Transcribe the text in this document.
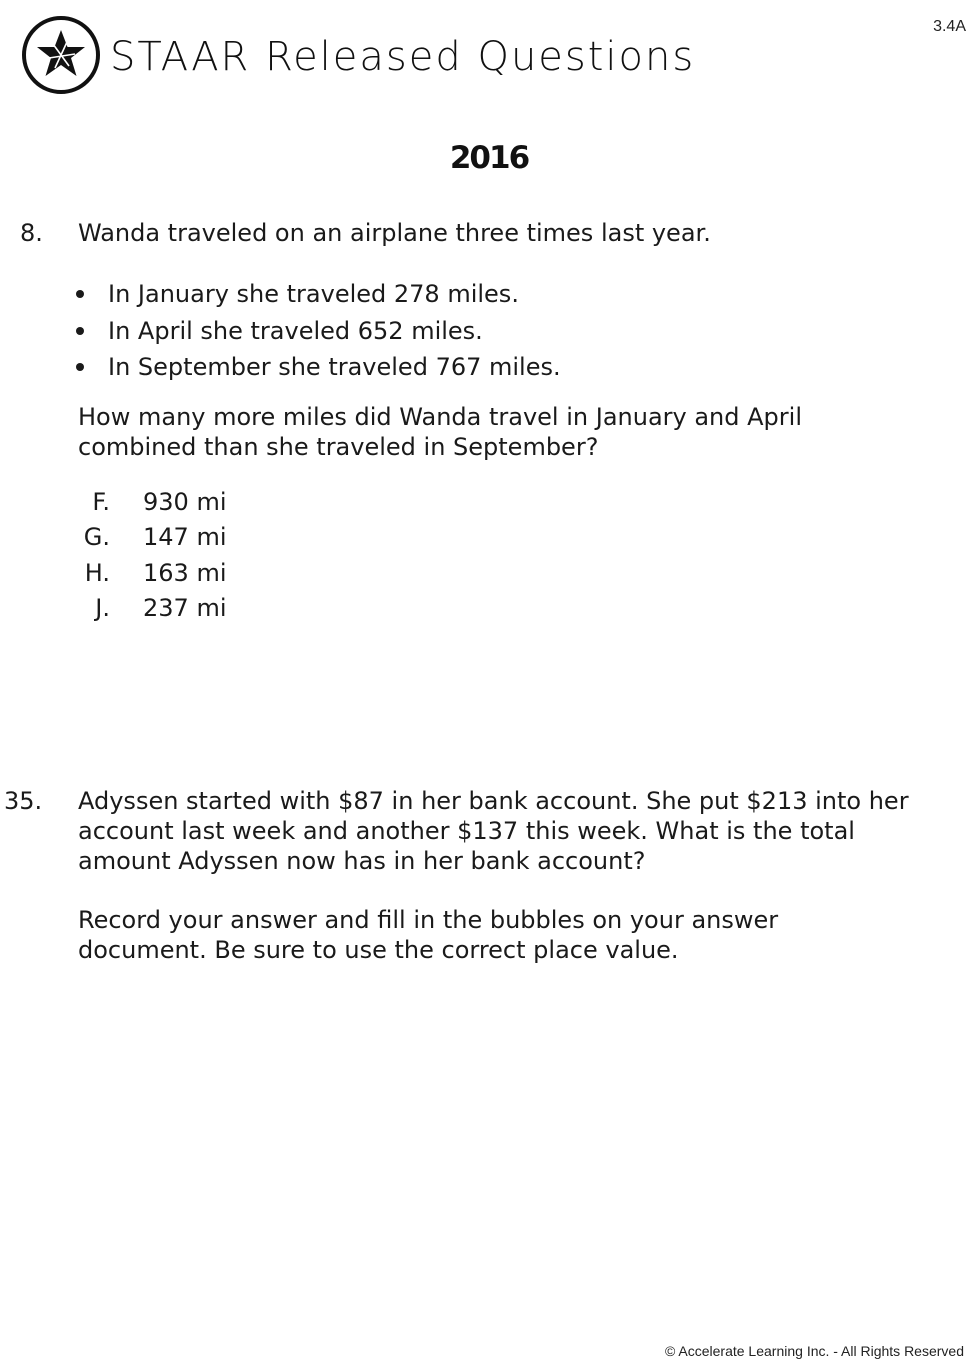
3.4A
STAAR Released Questions
2016
8. Wanda traveled on an airplane three times last year.

In January she traveled 278 miles.
In April she traveled 652 miles.
In September she traveled 767 miles.

How many more miles did Wanda travel in January and April
combined than she traveled in September?

F. 930 mi
G. 147 mi
H. 163 mi
J. 237 mi
35. Adyssen started with $87 in her bank account. She put $213 into her
account last week and another $137 this week. What is the total
amount Adyssen now has in her bank account?

Record your answer and fill in the bubbles on your answer
document. Be sure to use the correct place value.

© Accelerate Learning Inc. - All Rights Reserved
